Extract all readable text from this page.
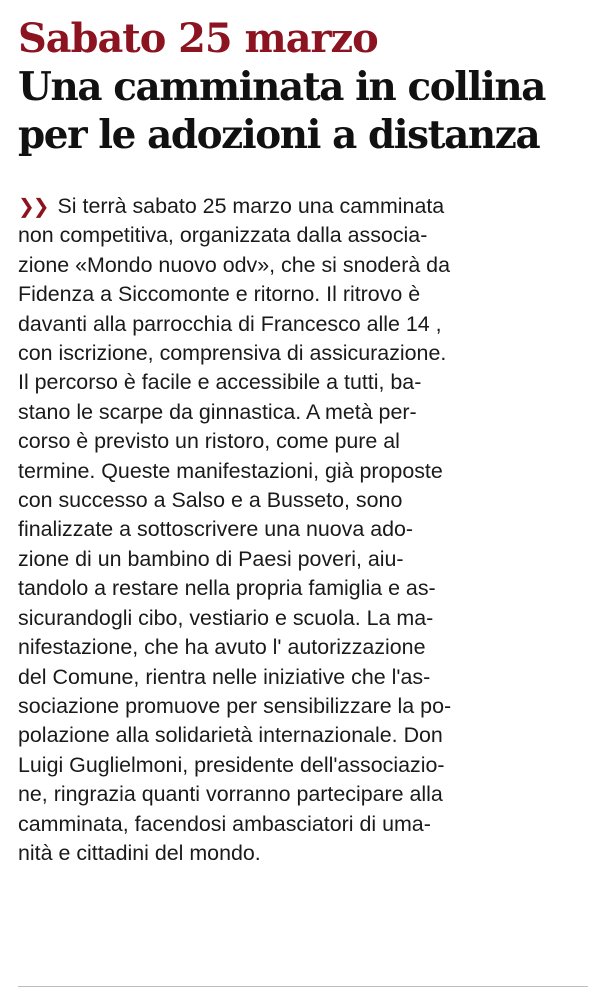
Sabato 25 marzo
Una camminata in collina
per le adozioni a distanza
❯❯ Si terrà sabato 25 marzo una camminata
non competitiva, organizzata dalla associa-
zione «Mondo nuovo odv», che si snoderà da
Fidenza a Siccomonte e ritorno. Il ritrovo è
davanti alla parrocchia di Francesco alle 14 ,
con iscrizione, comprensiva di assicurazione.
Il percorso è facile e accessibile a tutti, ba-
stano le scarpe da ginnastica. A metà per-
corso è previsto un ristoro, come pure al
termine. Queste manifestazioni, già proposte
con successo a Salso e a Busseto, sono
finalizzate a sottoscrivere una nuova ado-
zione di un bambino di Paesi poveri, aiu-
tandolo a restare nella propria famiglia e as-
sicurandogli cibo, vestiario e scuola. La ma-
nifestazione, che ha avuto l' autorizzazione
del Comune, rientra nelle iniziative che l'as-
sociazione promuove per sensibilizzare la po-
polazione alla solidarietà internazionale. Don
Luigi Guglielmoni, presidente dell'associazio-
ne, ringrazia quanti vorranno partecipare alla
camminata, facendosi ambasciatori di uma-
nità e cittadini del mondo.
